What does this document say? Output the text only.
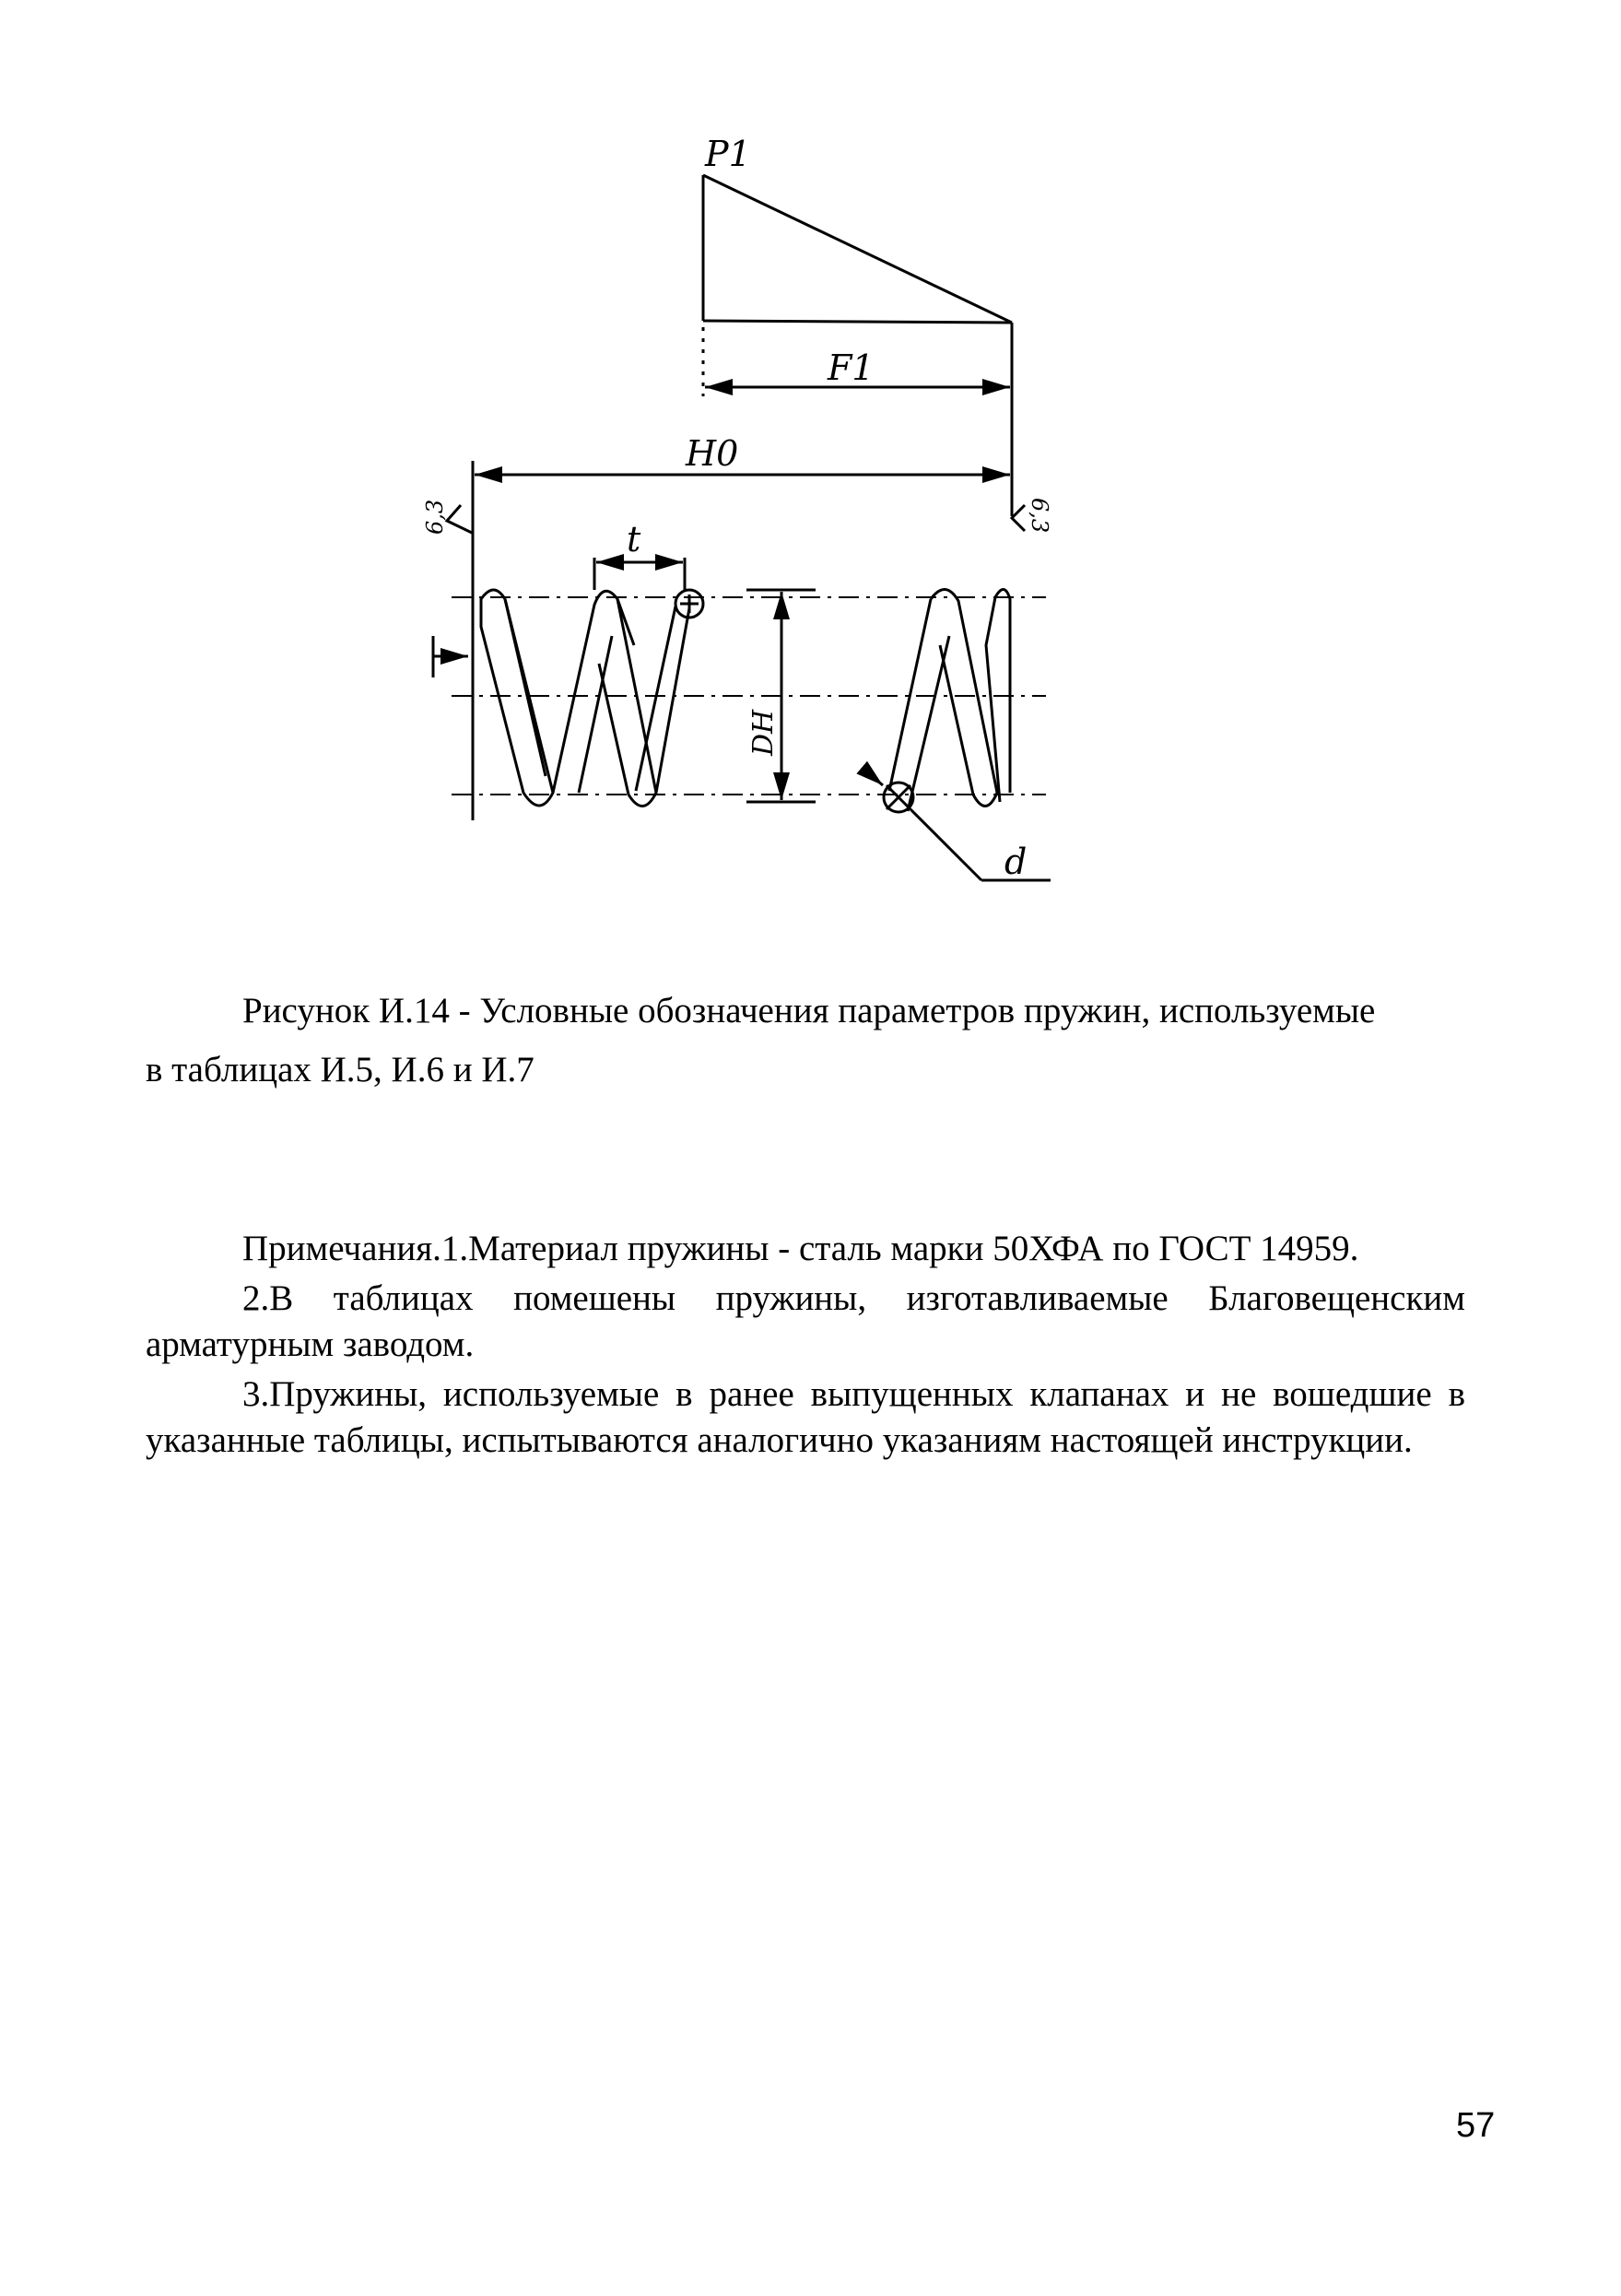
P1
F1
H0
6,3	6,3
t
DН
d
Рисунок И.14 - Условные обозначения параметров пружин, используемые
в таблицах И.5, И.6 и И.7

Примечания.1.Материал пружины - сталь марки 50ХФА по ГОСТ 14959.

2.В таблицах помешены пружины, изготавливаемые Благовещенским арматурным заводом.

3.Пружины, используемые в ранее выпущенных клапанах и не вошедшие в указанные таблицы, испытываются аналогично указаниям настоящей инструкции.

57
